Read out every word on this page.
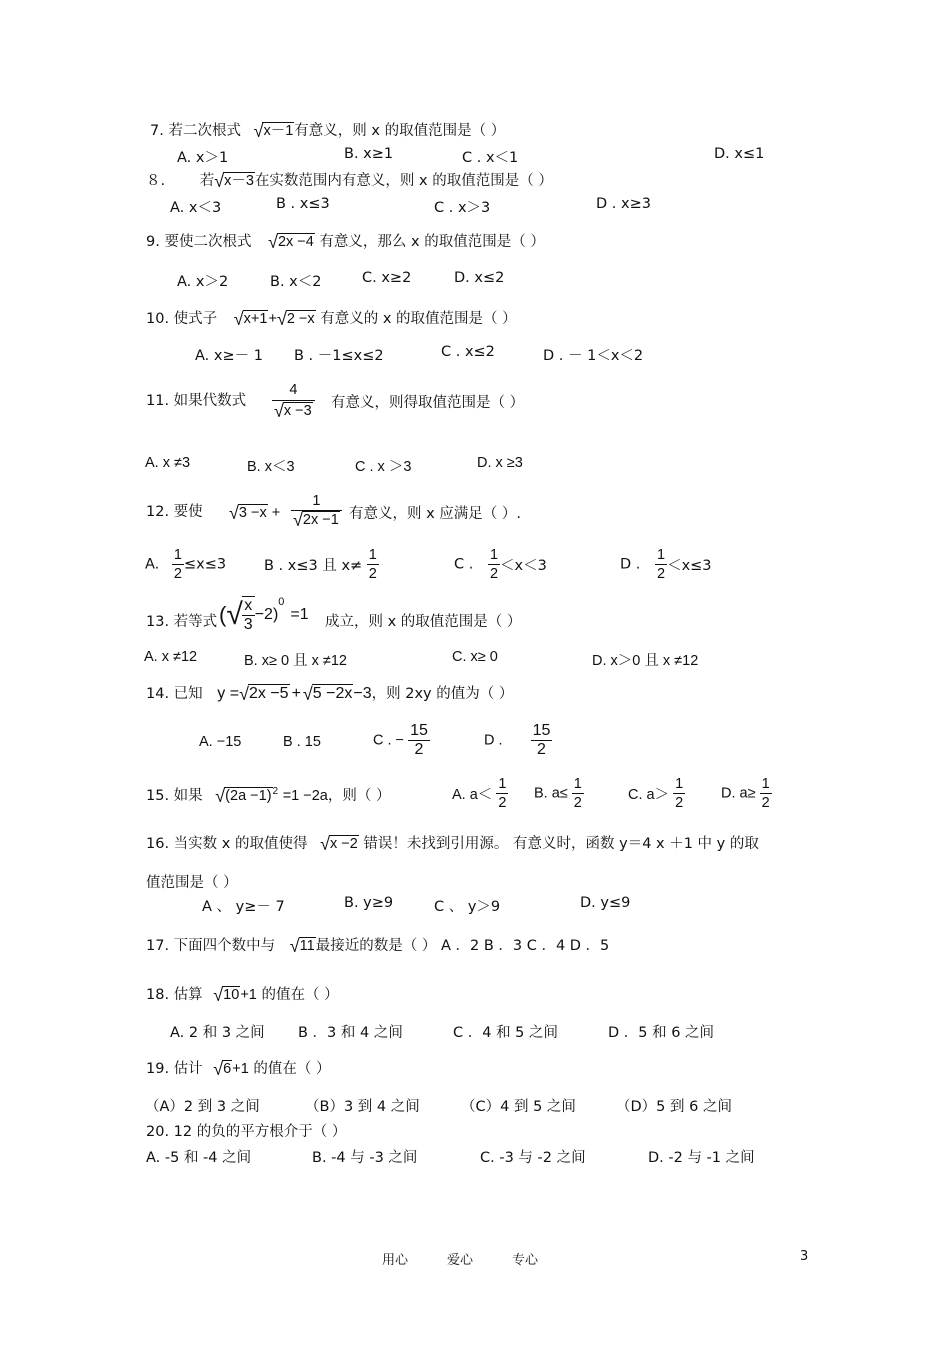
7. 若二次根式 √x－1有意义，则 x 的取值范围是（ ）
A. x＞1	B. x≥1	C . x＜1	D. x≤1
８. 若√x－3在实数范围内有意义，则 x 的取值范围是（ ）
A. x＜3	B . x≤3	C . x＞3	D . x≥3
9. 要使二次根式 √2x −4 有意义，那么 x 的取值范围是（ ）
A. x＞2	B. x＜2	C. x≥2	D. x≤2
10. 使式子 √x+1+√2 −x 有意义的 x 的取值范围是（ ）
A. x≥－ 1 B . －1≤x≤2	C . x≤2	D . － 1＜x＜2
11. 如果代数式 $\frac{4}{√x -3}$ 有意义，则得取值范围是（ ）
A. x ≠3	B. x＜3	C . x ＞3	D. x ≥3
12. 要使 $√3 -x + \frac{1}{√2x -1}$ 有意义，则 x 应满足（ ）.
A. $\frac{1}{2} \le x\le 3$	B . x≤3 且 $x\ne \frac{1}{2}$	C . $\frac{1}{2} <x<3$	D . $\frac{1}{2} <x\le 3$
13. 若等式 (√ $\frac{x}{3} -2)^0=1$ 成立，则 x 的取值范围是（ ）
A. x ≠12	B. x≥ 0 且 x ≠12	C. x≥ 0	D. x＞0 且 x ≠12
14. 已知 y =√2x −5 + √5 −2x−3，则 2xy 的值为（ ）
A. −15	B . 15	C . − $\frac{15}{2}$	D . $\frac{15}{2}$
15. 如果 $√(2a -1)^2 =1 -2a$，则（ ）	A. $a< \frac{1}{2} B$. $a\le \frac{1}{2}$	C. $a> \frac{1}{2} D$. $a\ge \frac{1}{2}$
16. 当实数 x 的取值使得 √x −2 错误！未找到引用源。 有意义时，函数 y＝4 x ＋1 中 y 的取
值范围是（ ）
A 、 y≥－ 7	B. y≥9	C 、 y＞9	D. y≤9
17. 下面四个数中与 √11最接近的数是（ ） A ．2 B ．3 C ．4 D ．5
18. 估算 √10+1 的值在（ ）
A. 2 和 3 之间 B ．3 和 4 之间	C ．4 和 5 之间	D ．5 和 6 之间
19. 估计 √6+1 的值在（ ）
（A）2 到 3 之间	（B）3 到 4 之间	（C）4 到 5 之间	（D）5 到 6 之间
20. 12 的负的平方根介于（ ）
A. -5 和 -4 之间	B. -4 与 -3 之间	C. -3 与 -2 之间	D. -2 与 -1 之间
用心	爱心	专心	3
